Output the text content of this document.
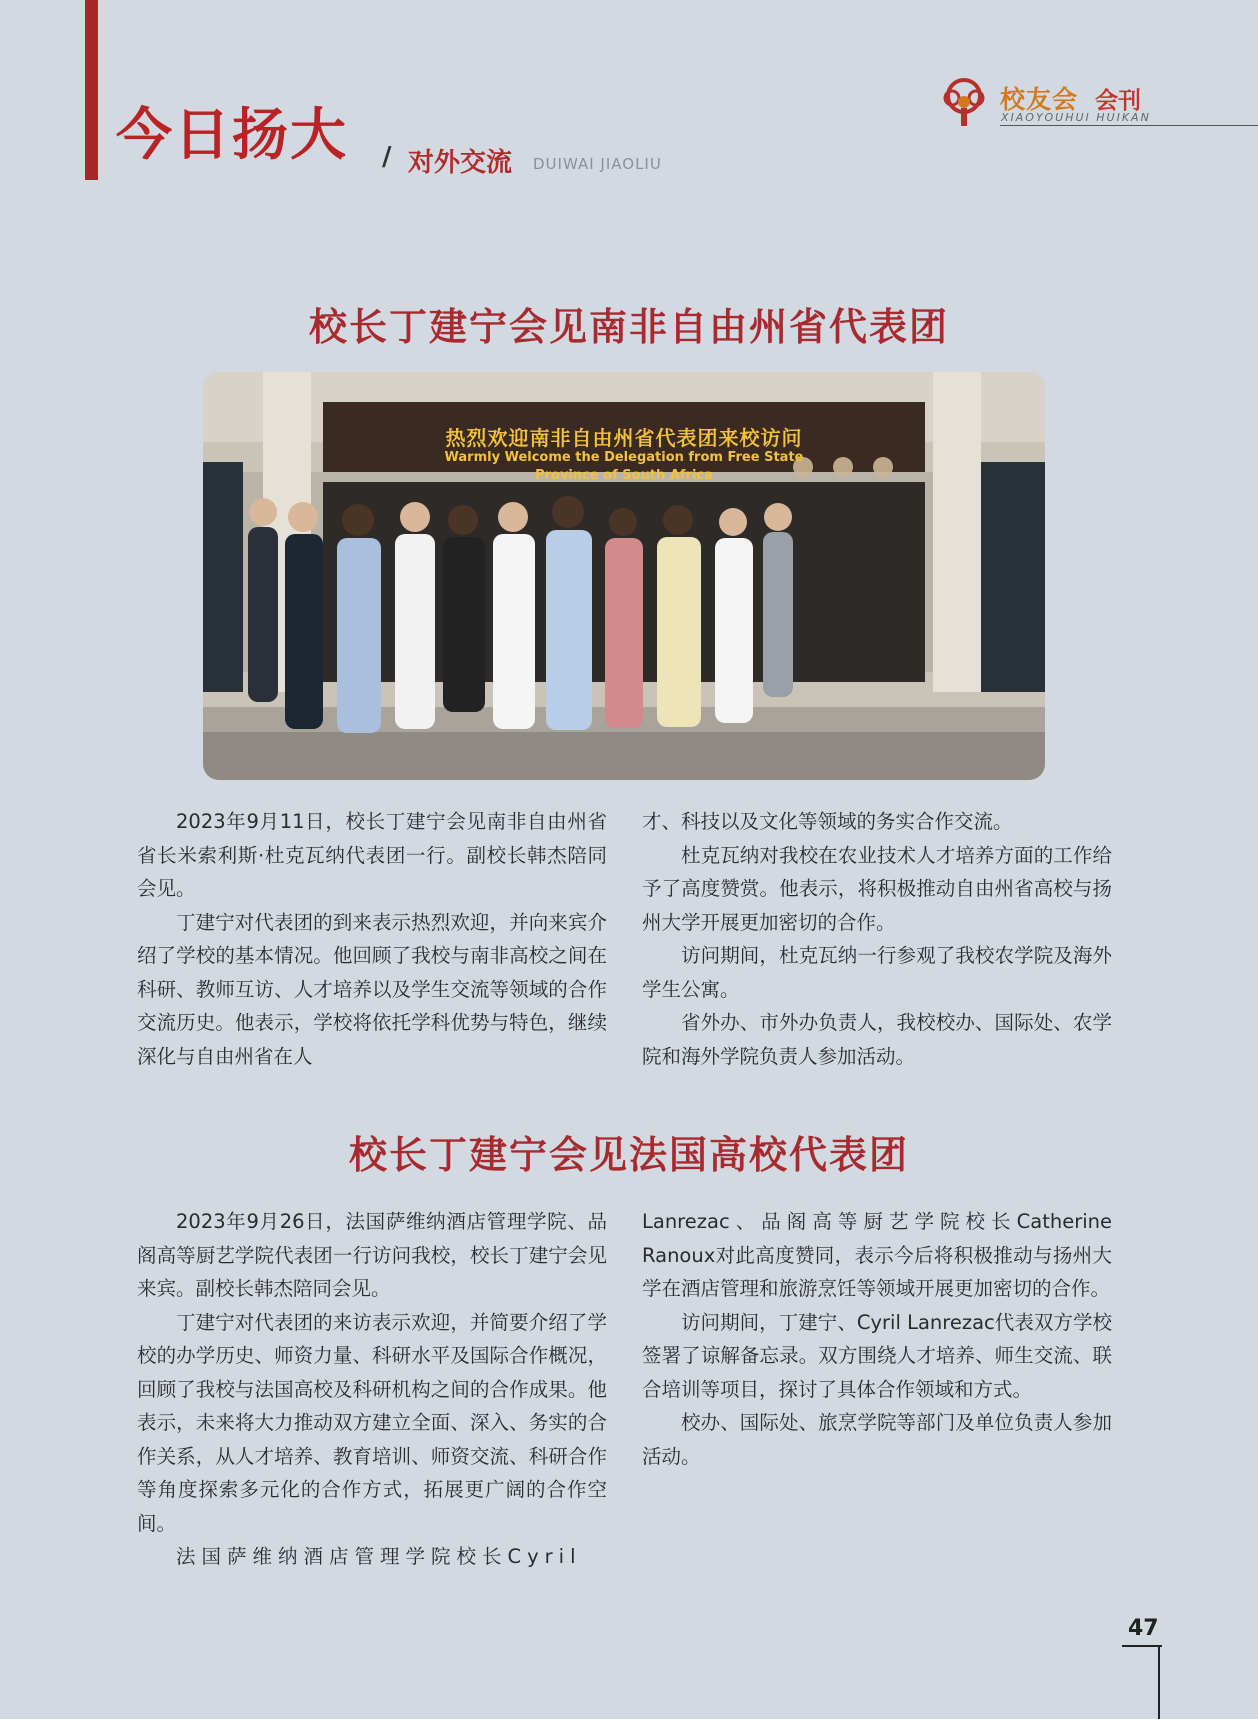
今日扬大 / 对外交流 DUIWAI JIAOLIU
校友会 会刊
XIAOYOUHUI HUIKAN
校长丁建宁会见南非自由州省代表团
热烈欢迎南非自由州省代表团来校访问
Warmly Welcome the Delegation from Free State
Province of South Africa

2023年9月11日，校长丁建宁会见南非自由州省省长米索利斯·杜克瓦纳代表团一行。副校长韩杰陪同会见。

丁建宁对代表团的到来表示热烈欢迎，并向来宾介绍了学校的基本情况。他回顾了我校与南非高校之间在科研、教师互访、人才培养以及学生交流等领域的合作交流历史。他表示，学校将依托学科优势与特色，继续深化与自由州省在人

才、科技以及文化等领域的务实合作交流。

杜克瓦纳对我校在农业技术人才培养方面的工作给予了高度赞赏。他表示，将积极推动自由州省高校与扬州大学开展更加密切的合作。

访问期间，杜克瓦纳一行参观了我校农学院及海外学生公寓。

省外办、市外办负责人，我校校办、国际处、农学院和海外学院负责人参加活动。

校长丁建宁会见法国高校代表团

2023年9月26日，法国萨维纳酒店管理学院、品阁高等厨艺学院代表团一行访问我校，校长丁建宁会见来宾。副校长韩杰陪同会见。

丁建宁对代表团的来访表示欢迎，并简要介绍了学校的办学历史、师资力量、科研水平及国际合作概况，回顾了我校与法国高校及科研机构之间的合作成果。他表示，未来将大力推动双方建立全面、深入、务实的合作关系，从人才培养、教育培训、师资交流、科研合作等角度探索多元化的合作方式，拓展更广阔的合作空间。

法国萨维纳酒店管理学院校长Cyril

Lanrezac、品阁高等厨艺学院校长Catherine Ranoux对此高度赞同，表示今后将积极推动与扬州大学在酒店管理和旅游烹饪等领域开展更加密切的合作。

访问期间，丁建宁、Cyril Lanrezac代表双方学校签署了谅解备忘录。双方围绕人才培养、师生交流、联合培训等项目，探讨了具体合作领域和方式。

校办、国际处、旅烹学院等部门及单位负责人参加活动。

47
